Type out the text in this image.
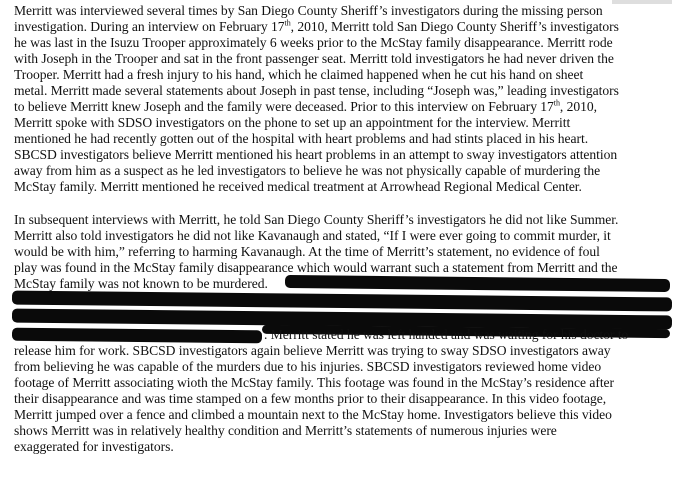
Merritt was interviewed several times by San Diego County Sheriff’s investigators during the missing person
investigation. During an interview on February 17th, 2010, Merritt told San Diego County Sheriff’s investigators
he was last in the Isuzu Trooper approximately 6 weeks prior to the McStay family disappearance. Merritt rode
with Joseph in the Trooper and sat in the front passenger seat. Merritt told investigators he had never driven the
Trooper. Merritt had a fresh injury to his hand, which he claimed happened when he cut his hand on sheet
metal. Merritt made several statements about Joseph in past tense, including “Joseph was,” leading investigators
to believe Merritt knew Joseph and the family were deceased. Prior to this interview on February 17th, 2010,
Merritt spoke with SDSO investigators on the phone to set up an appointment for the interview. Merritt
mentioned he had recently gotten out of the hospital with heart problems and had stints placed in his heart.
SBCSD investigators believe Merritt mentioned his heart problems in an attempt to sway investigators attention
away from him as a suspect as he led investigators to believe he was not physically capable of murdering the
McStay family. Merritt mentioned he received medical treatment at Arrowhead Regional Medical Center.
In subsequent interviews with Merritt, he told San Diego County Sheriff’s investigators he did not like Summer.
Merritt also told investigators he did not like Kavanaugh and stated, “If I were ever going to commit murder, it
would be with him,” referring to harming Kavanaugh. At the time of Merritt’s statement, no evidence of foul
play was found in the McStay family disappearance which would warrant such a statement from Merritt and the
McStay family was not known to be murdered.
. Merritt stated he was left handed and was waiting for his doctor to
release him for work. SBCSD investigators again believe Merritt was trying to sway SDSO investigators away
from believing he was capable of the murders due to his injuries. SBCSD investigators reviewed home video
footage of Merritt associating wioth the McStay family. This footage was found in the McStay’s residence after
their disappearance and was time stamped on a few months prior to their disappearance. In this video footage,
Merritt jumped over a fence and climbed a mountain next to the McStay home. Investigators believe this video
shows Merritt was in relatively healthy condition and Merritt’s statements of numerous injuries were
exaggerated for investigators.
